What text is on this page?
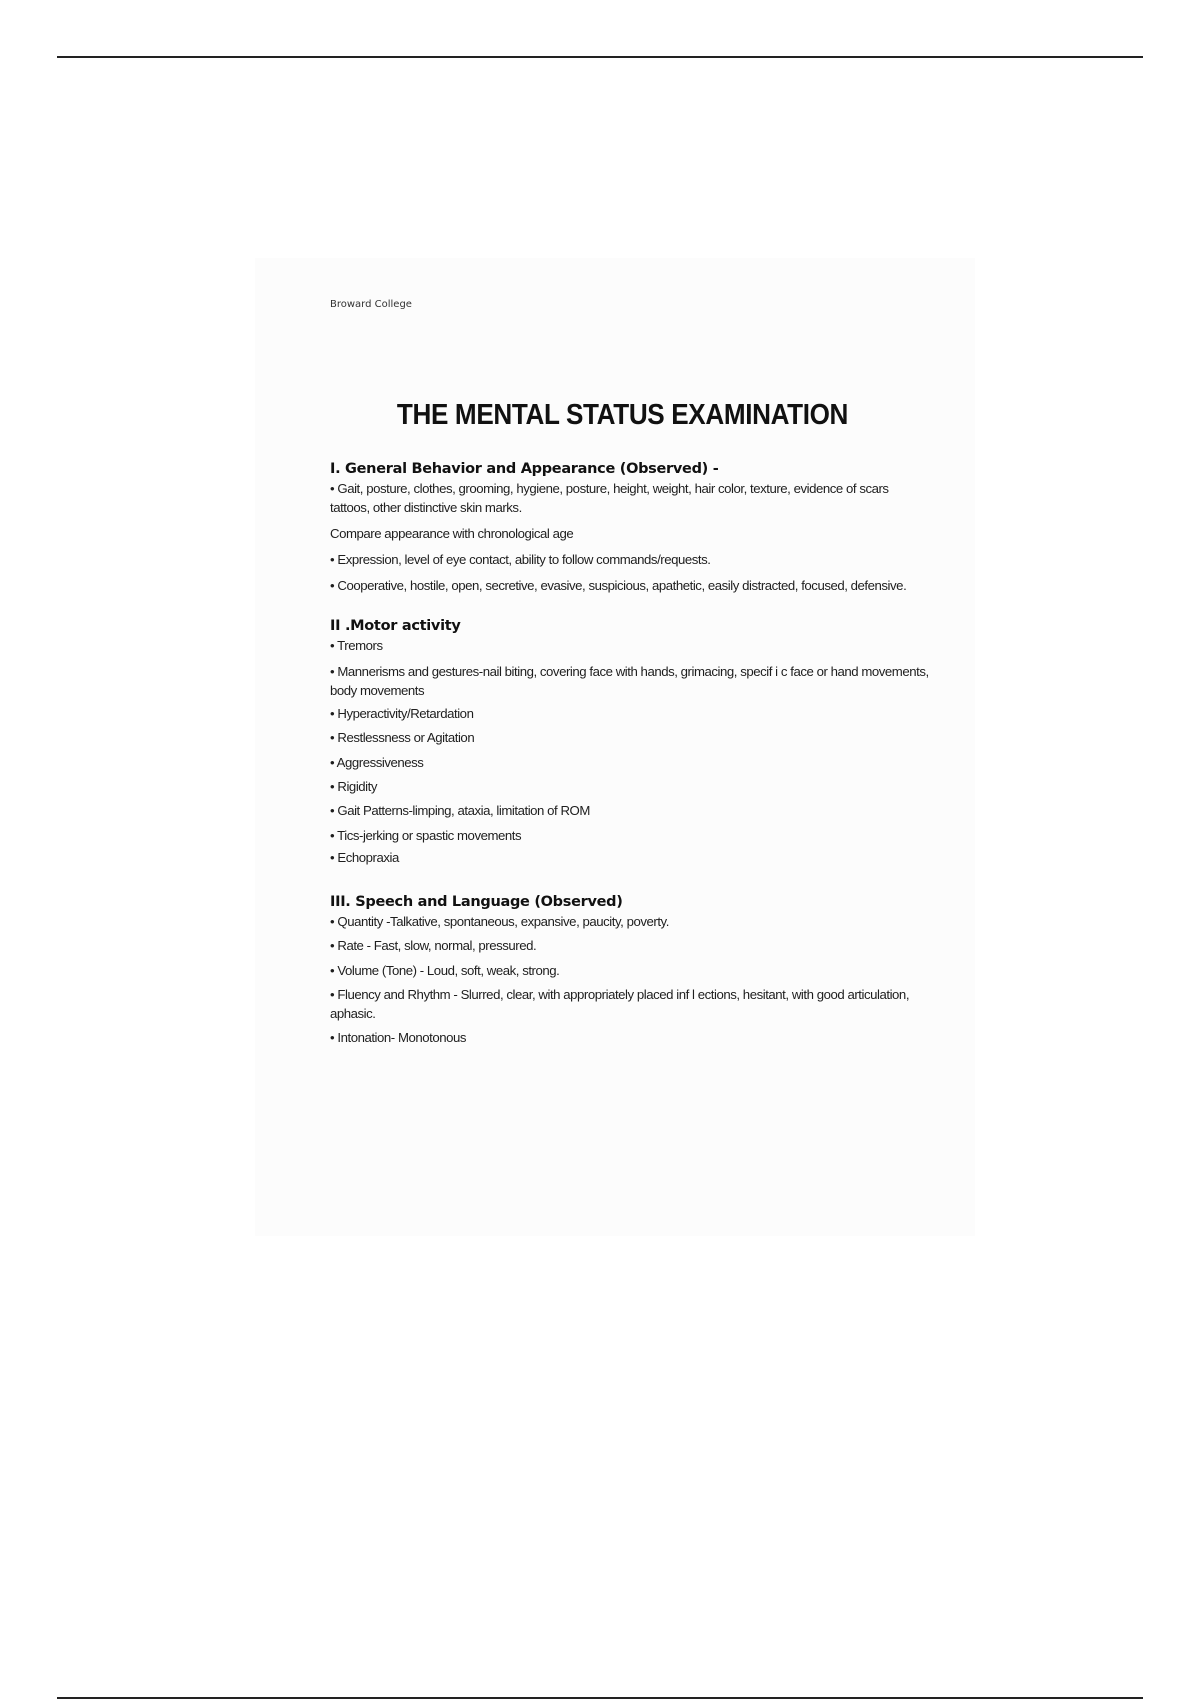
Broward College

THE MENTAL STATUS EXAMINATION
I. General Behavior and Appearance (Observed) -

• Gait, posture, clothes, grooming, hygiene, posture, height, weight, hair color, texture, evidence of scars tattoos, other distinctive skin marks.

Compare appearance with chronological age

• Expression, level of eye contact, ability to follow commands/requests.

• Cooperative, hostile, open, secretive, evasive, suspicious, apathetic, easily distracted, focused, defensive.

II .Motor activity

• Tremors

• Mannerisms and gestures-nail biting, covering face with hands, grimacing, specif i c face or hand movements, body movements

• Hyperactivity/Retardation

• Restlessness or Agitation

• Aggressiveness

• Rigidity

• Gait Patterns-limping, ataxia, limitation of ROM

• Tics-jerking or spastic movements

• Echopraxia

III. Speech and Language (Observed)

• Quantity -Talkative, spontaneous, expansive, paucity, poverty.

• Rate - Fast, slow, normal, pressured.

• Volume (Tone) - Loud, soft, weak, strong.

• Fluency and Rhythm - Slurred, clear, with appropriately placed inf l ections, hesitant, with good articulation, aphasic.

• Intonation- Monotonous
